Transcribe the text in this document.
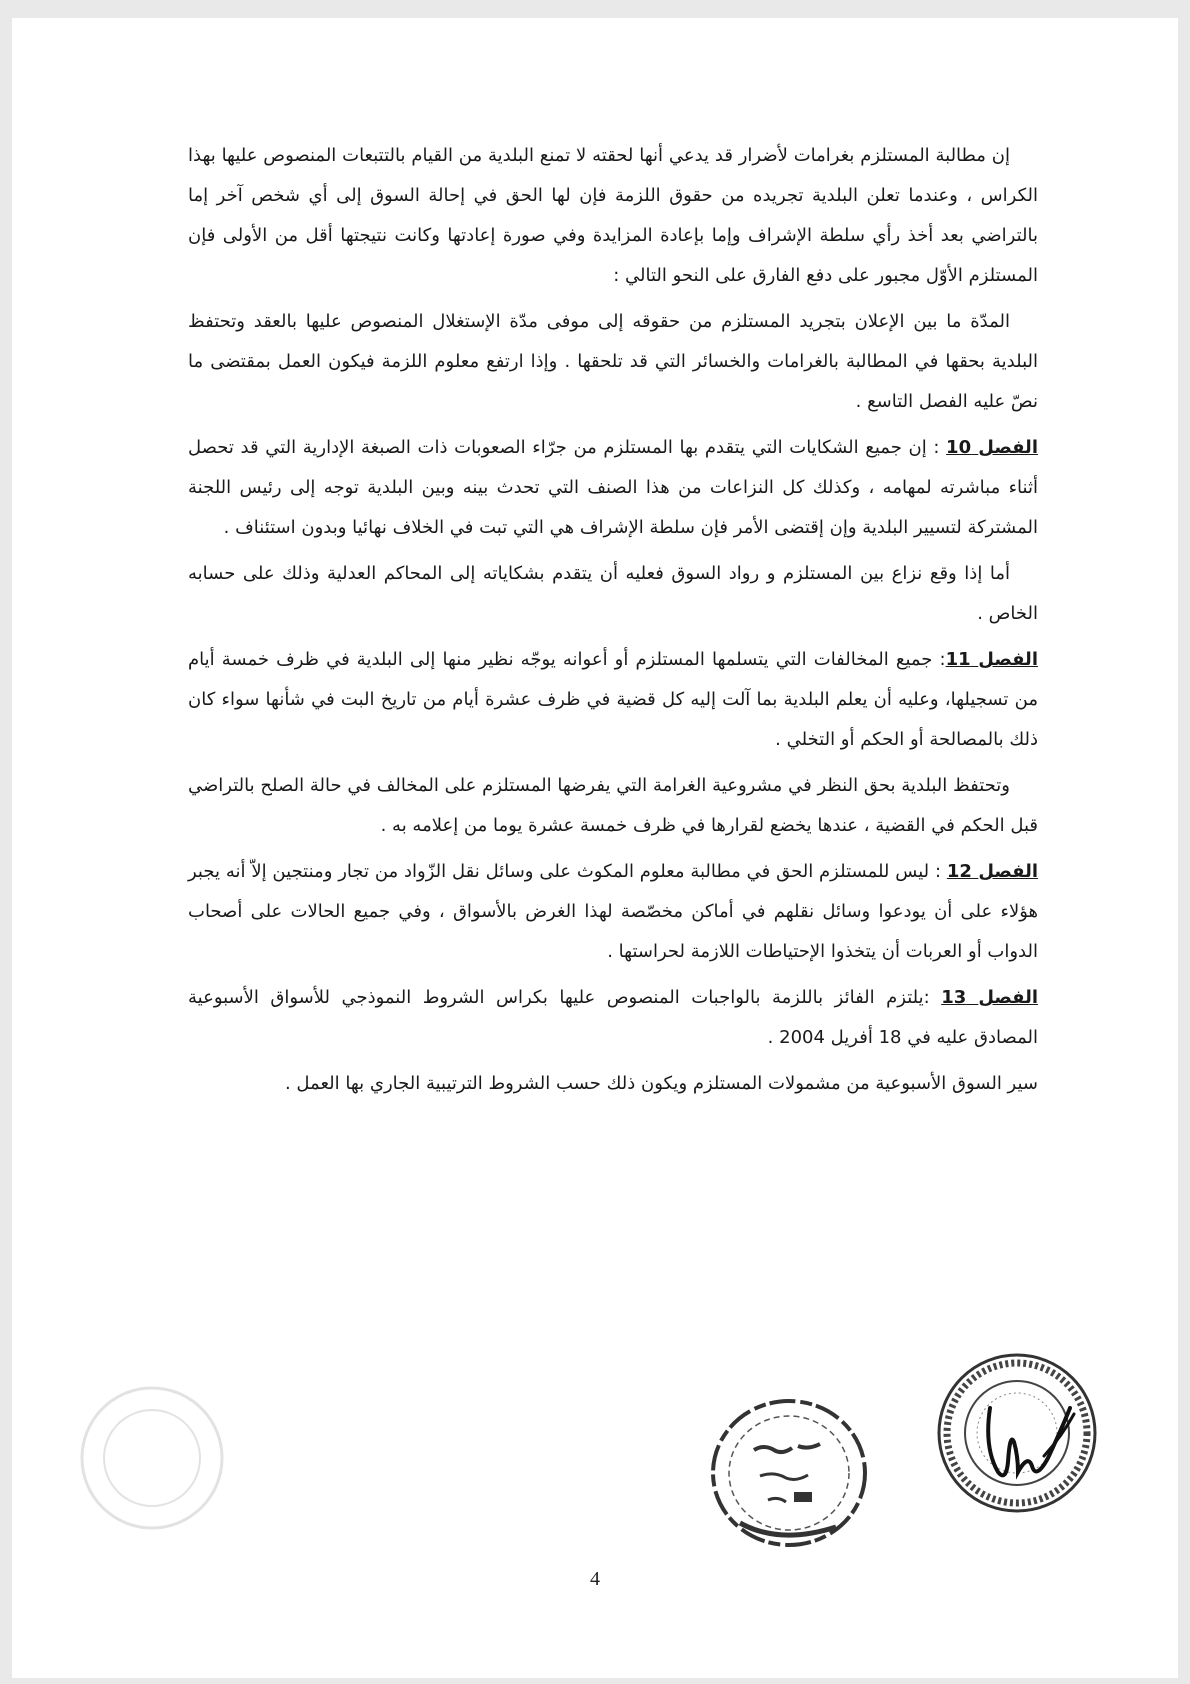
إن مطالبة المستلزم بغرامات لأضرار قد يدعي أنها لحقته لا تمنع البلدية من القيام بالتتبعات المنصوص عليها بهذا الكراس ، وعندما تعلن البلدية تجريده من حقوق اللزمة فإن لها الحق في إحالة السوق إلى أي شخص آخر إما بالتراضي بعد أخذ رأي سلطة الإشراف وإما بإعادة المزايدة وفي صورة إعادتها وكانت نتيجتها أقل من الأولى فإن المستلزم الأوّل مجبور على دفع الفارق على النحو التالي :

المدّة ما بين الإعلان بتجريد المستلزم من حقوقه إلى موفى مدّة الإستغلال المنصوص عليها بالعقد وتحتفظ البلدية بحقها في المطالبة بالغرامات والخسائر التي قد تلحقها . وإذا ارتفع معلوم اللزمة فيكون العمل بمقتضى ما نصّ عليه الفصل التاسع .

الفصل 10 : إن جميع الشكايات التي يتقدم بها المستلزم من جرّاء الصعوبات ذات الصبغة الإدارية التي قد تحصل أثناء مباشرته لمهامه ، وكذلك كل النزاعات من هذا الصنف التي تحدث بينه وبين البلدية توجه إلى رئيس اللجنة المشتركة لتسيير البلدية وإن إقتضى الأمر فإن سلطة الإشراف هي التي تبت في الخلاف نهائيا وبدون استئناف .

أما إذا وقع نزاع بين المستلزم و رواد السوق فعليه أن يتقدم بشكاياته إلى المحاكم العدلية وذلك على حسابه الخاص .

الفصل 11: جميع المخالفات التي يتسلمها المستلزم أو أعوانه يوجّه نظير منها إلى البلدية في ظرف خمسة أيام من تسجيلها، وعليه أن يعلم البلدية بما آلت إليه كل قضية في ظرف عشرة أيام من تاريخ البت في شأنها سواء كان ذلك بالمصالحة أو الحكم أو التخلي .

وتحتفظ البلدية بحق النظر في مشروعية الغرامة التي يفرضها المستلزم على المخالف في حالة الصلح بالتراضي قبل الحكم في القضية ، عندها يخضع لقرارها في ظرف خمسة عشرة يوما من إعلامه به .

الفصل 12 : ليس للمستلزم الحق في مطالبة معلوم المكوث على وسائل نقل الزّواد من تجار ومنتجين إلاّ أنه يجبر هؤلاء على أن يودعوا وسائل نقلهم في أماكن مخصّصة لهذا الغرض بالأسواق ، وفي جميع الحالات على أصحاب الدواب أو العربات أن يتخذوا الإحتياطات اللازمة لحراستها .

الفصل 13 :يلتزم الفائز باللزمة بالواجبات المنصوص عليها بكراس الشروط النموذجي للأسواق الأسبوعية المصادق عليه في 18 أفريل 2004 .

سير السوق الأسبوعية من مشمولات المستلزم ويكون ذلك حسب الشروط الترتيبية الجاري بها العمل .

4
